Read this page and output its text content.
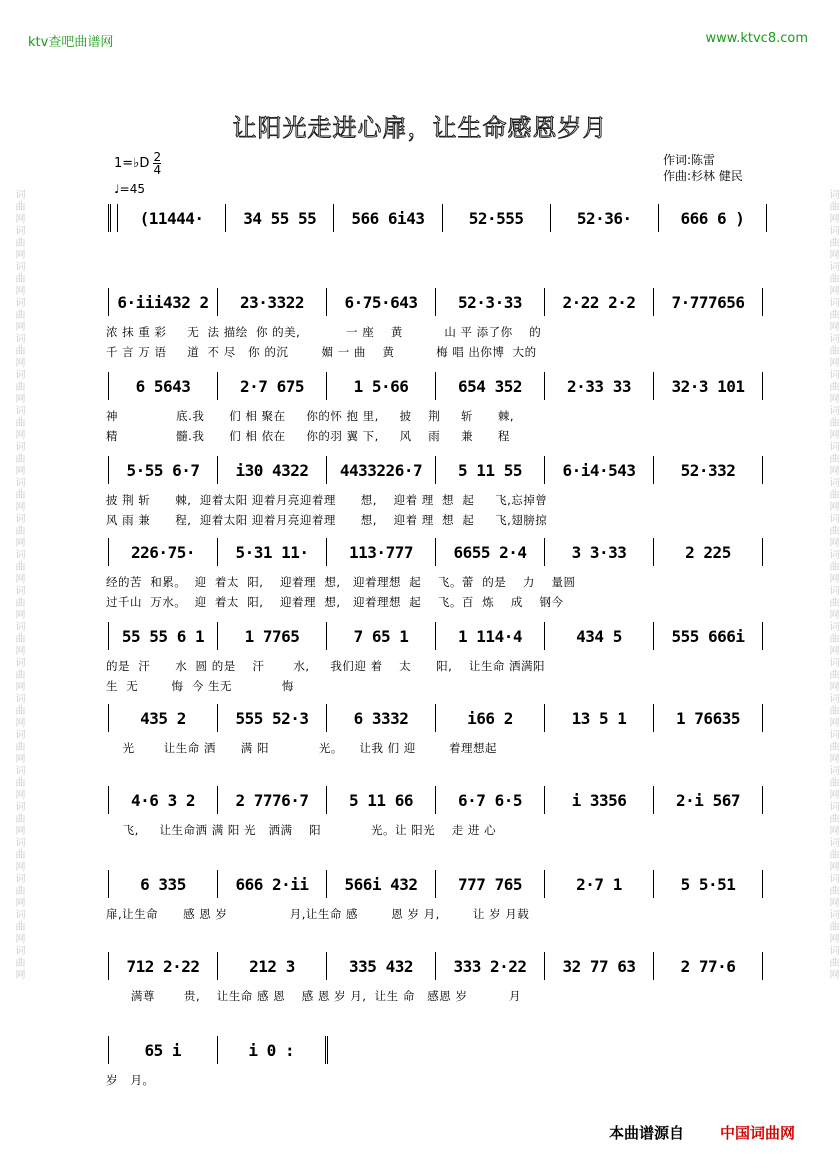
词曲网词曲网词曲网词曲网词曲网词曲网词曲网词曲网词曲网词曲网词曲网词曲网词曲网词曲网词曲网词曲网词曲网词曲网词曲网词曲网词曲网词曲网	词曲网词曲网词曲网词曲网词曲网词曲网词曲网词曲网词曲网词曲网词曲网词曲网词曲网词曲网词曲网词曲网词曲网词曲网词曲网词曲网词曲网词曲网
ktv查吧曲谱网	www.ktvc8.com
让阳光走进心扉，让生命感恩岁月
1=♭D $\frac{2}{4}$
♩=45
作词:陈雷
作曲:杉林 健民
(11444·	34 55 55	566 6i43	52·555	52·36·	666 6 )
6·iii432 2	23·3322	6·75·643	52·3·33	2·22 2·2	7·777656
浓 抹 重 彩     无  法 描绘  你 的美,           一 座    黄          山 平 添了你    的
千 言 万 语     道  不 尽   你 的沉        媚 一 曲    黄          梅 唱 出你博  大的
6 5643	2·7 675	1 5·66	654 352	2·33 33	32·3 101
神              底.我      们 相 聚在     你的怀 抱 里,     披    荆     斩      棘,
精              髓.我      们 相 依在     你的羽 翼 下,     风    雨     兼      程
5·55 6·7	i30 4322	4433226·7	5 11 55	6·i4·543	52·332
披 荆 斩      棘,  迎着太阳 迎着月亮迎着理      想,    迎着 理  想  起     飞,忘掉曾
风 雨 兼      程,  迎着太阳 迎着月亮迎着理      想,    迎着 理  想  起     飞,翅膀掠
226·75·	5·31 11·	113·777	6655 2·4	3 3·33	2 225
经的苦  和累。  迎  着太  阳,    迎着理  想,   迎着理想  起    飞。蕾  的是    力    量圆
过千山  万水。  迎  着太  阳,    迎着理  想,   迎着理想  起    飞。百  炼    成    钢今
55 55 6 1	1 7765	7 65 1	1 114·4	434 5	555 666i
的是  汗      水  圆 的是    汗       水,     我们迎 着    太      阳,    让生命 洒满阳
生  无        悔  今 生无            悔
435 2	555 52·3	6 3332	i66 2	13 5 1	1 76635
光       让生命 洒      满 阳            光。    让我 们 迎        着理想起
4·6 3 2	2 7776·7	5 11 66	6·7 6·5	i 3356	2·i 567
飞,     让生命洒 满 阳 光   洒满    阳            光。让 阳光    走 进 心
6 335	666 2·ii	566i 432	777 765	2·7 1	5 5·51
扉,让生命      感 恩 岁               月,让生命 感        恩 岁 月,        让 岁 月载
712 2·22	212 3	335 432	333 2·22	32 77 63	2 77·6
满尊       贵,    让生命 感 恩    感 恩 岁 月,  让生 命   感恩 岁          月
65 i	i 0 :
岁   月。
本曲谱源自 中国词曲网
